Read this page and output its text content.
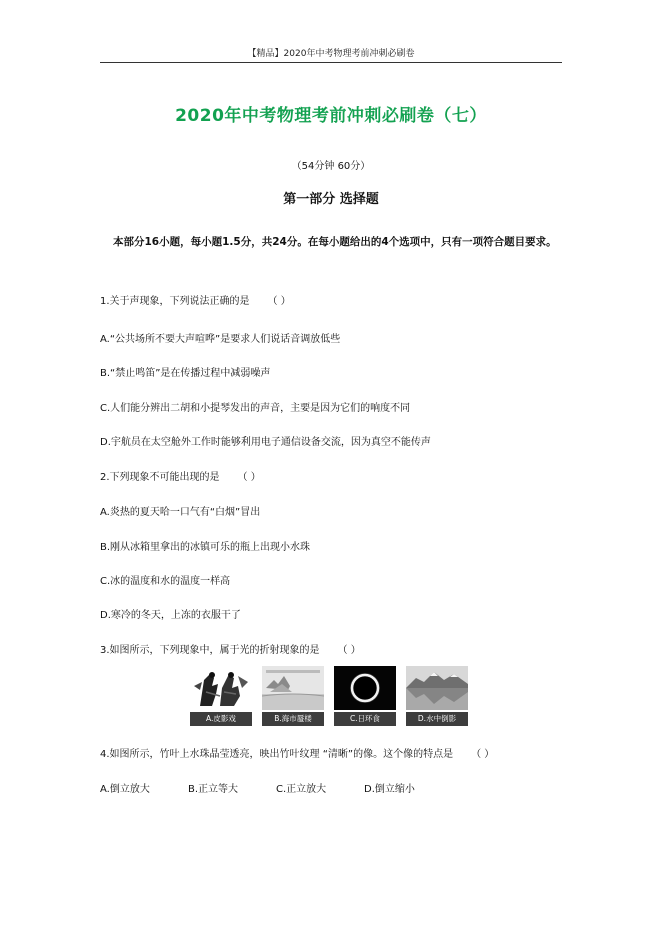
【精品】2020年中考物理考前冲刺必刷卷
2020年中考物理考前冲刺必刷卷（七）
（54分钟 60分）
第一部分 选择题
本部分16小题，每小题1.5分，共24分。在每小题给出的4个选项中，只有一项符合题目要求。
1.关于声现象，下列说法正确的是 （ ）
A.“公共场所不要大声喧哗”是要求人们说话音调放低些
B.“禁止鸣笛”是在传播过程中减弱噪声
C.人们能分辨出二胡和小提琴发出的声音，主要是因为它们的响度不同
D.宇航员在太空舱外工作时能够利用电子通信设备交流，因为真空不能传声
2.下列现象不可能出现的是 （ ）
A.炎热的夏天哈一口气有“白烟”冒出
B.刚从冰箱里拿出的冰镇可乐的瓶上出现小水珠
C.冰的温度和水的温度一样高
D.寒冷的冬天，上冻的衣服干了
3.如图所示，下列现象中，属于光的折射现象的是 （ ）
A.皮影戏	B.海市蜃楼	C.日环食	D.水中倒影
4.如图所示，竹叶上水珠晶莹透亮，映出竹叶纹理 “清晰”的像。这个像的特点是 （ ）
A.倒立放大	B.正立等大	C.正立放大	D.倒立缩小
